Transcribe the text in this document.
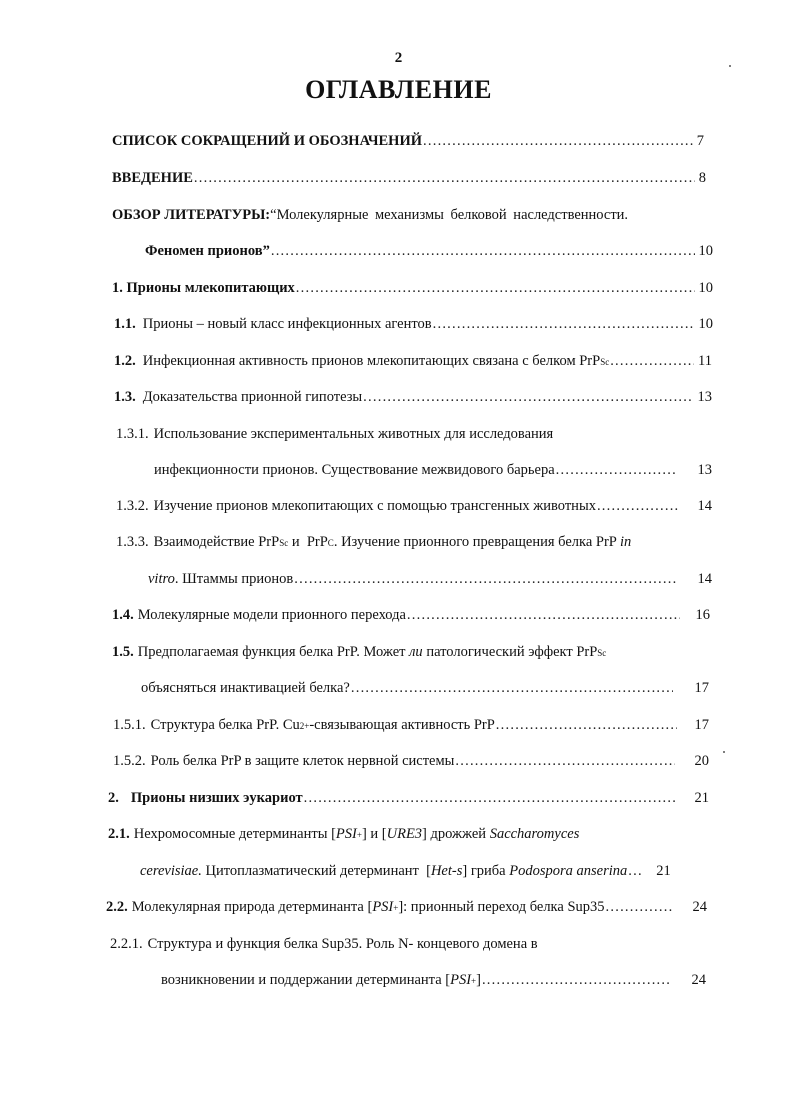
2
ОГЛАВЛЕНИЕ
СПИСОК СОКРАЩЕНИЙ И ОБОЗНАЧЕНИЙ . . .	7
ВВЕДЕНИЕ . . .	8
ОБЗОР ЛИТЕРАТУРЫ: “Молекулярные механизмы белковой наследственности.
Феномен прионов” . . .	10
1. Прионы млекопитающих . . .	10
1.1. Прионы – новый класс инфекционных агентов . . .	10
1.2. Инфекционная активность прионов млекопитающих связана с белком PrP Sc . . .	11
1.3. Доказательства прионной гипотезы . . .	13
1.3.1. Использование экспериментальных животных для исследования
инфекционности прионов. Существование межвидового барьера . . .	13
1.3.2. Изучение прионов млекопитающих с помощью трансгенных животных . . .	14
1.3.3. Взаимодействие PrP Sc и  PrP C . Изучение прионного превращения белка PrP in
vitro . Штаммы прионов . . .	14
1.4. Молекулярные модели прионного перехода . . .	16
1.5. Предполагаемая функция белка PrP. Может ли патологический эффект PrP Sc
объясняться инактивацией белка? . . .	17
1.5.1. Структура белка PrP. Cu 2+ -связывающая активность PrP . . .	17
1.5.2. Роль белка PrP в защите клеток нервной системы . . .	20
2. Прионы низших эукариот . . .	21
2.1. Нехромосомные детерминанты [ PSI + ] и [ URE3 ] дрожжей Saccharomyces
cerevisiae. Цитоплазматический детерминант  [ Het-s ] гриба Podospora anserina . . . 21
2.2. Молекулярная природа детерминанта [ PSI + ]: прионный переход белка Sup35 . . .	24
2.2.1. Структура и функция белка Sup35. Роль N- концевого домена в
возникновении и поддержании детерминанта [ PSI + ] . . .	24
